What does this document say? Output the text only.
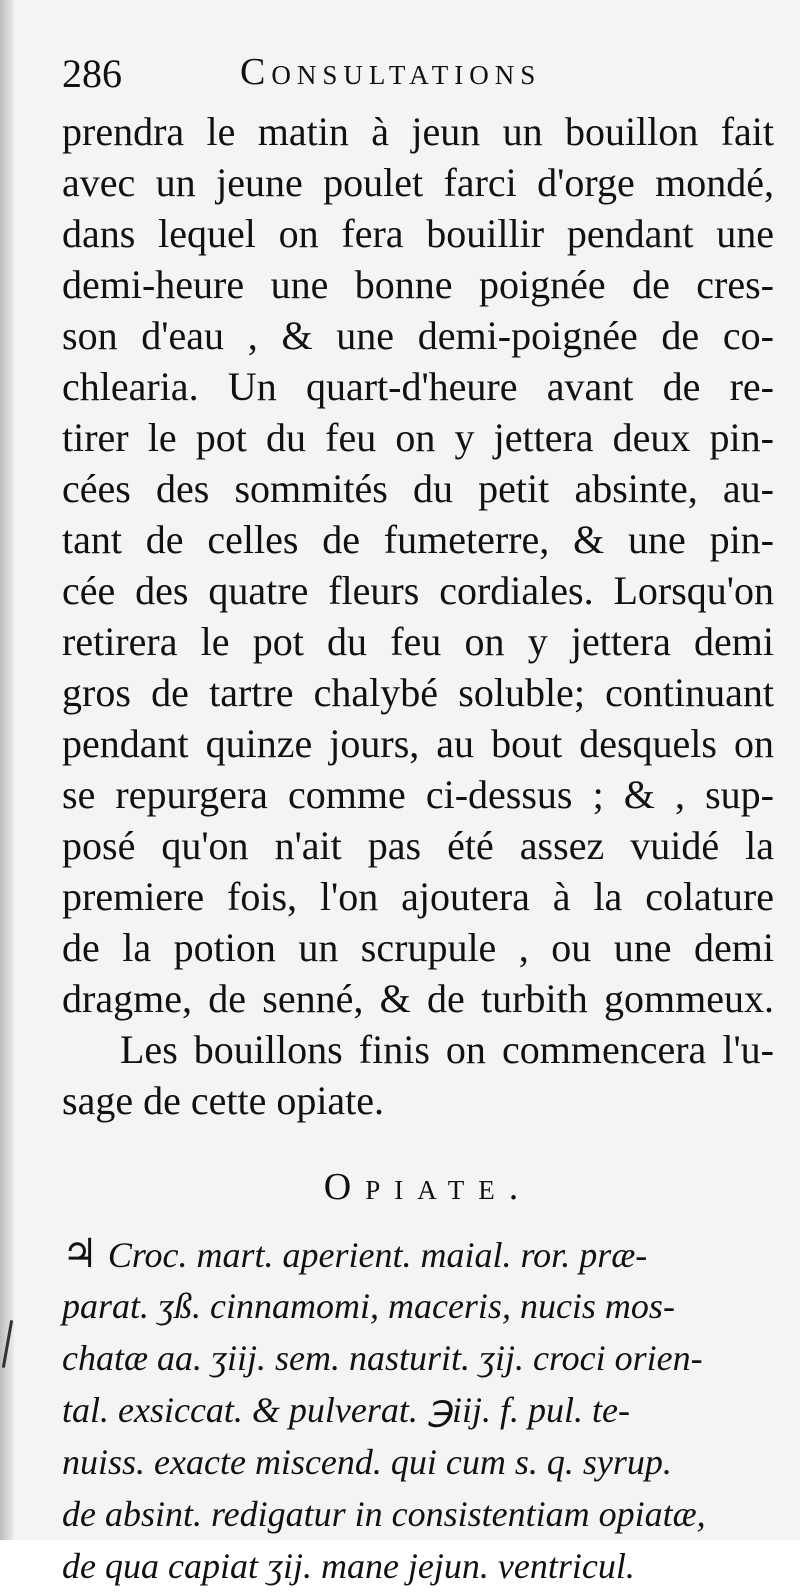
286	Consultations
prendra le matin à jeun un bouillon fait
avec un jeune poulet farci d'orge mondé,
dans lequel on fera bouillir pendant une
demi-heure une bonne poignée de cres-
son d'eau , & une demi-poignée de co-
chlearia. Un quart-d'heure avant de re-
tirer le pot du feu on y jettera deux pin-
cées des sommités du petit absinte, au-
tant de celles de fumeterre, & une pin-
cée des quatre fleurs cordiales. Lorsqu'on
retirera le pot du feu on y jettera demi
gros de tartre chalybé soluble; continuant
pendant quinze jours, au bout desquels on
se repurgera comme ci-dessus ; & , sup-
posé qu'on n'ait pas été assez vuidé la
premiere fois, l'on ajoutera à la colature
de la potion un scrupule , ou une demi
dragme, de senné, & de turbith gommeux.
Les bouillons finis on commencera l'u-
sage de cette opiate.
Opiate.
♃ Croc. mart. aperient. maial. ror. præ-
parat. ʒß. cinnamomi, maceris, nucis mos-
chatæ aa. ʒiij. sem. nasturit. ʒij. croci orien-
tal. exsiccat. & pulverat. ℈iij. f. pul. te-
nuiss. exacte miscend. qui cum s. q. syrup.
de absint. redigatur in consistentiam opiatæ,
de qua capiat ʒij. mane jejun. ventricul.
